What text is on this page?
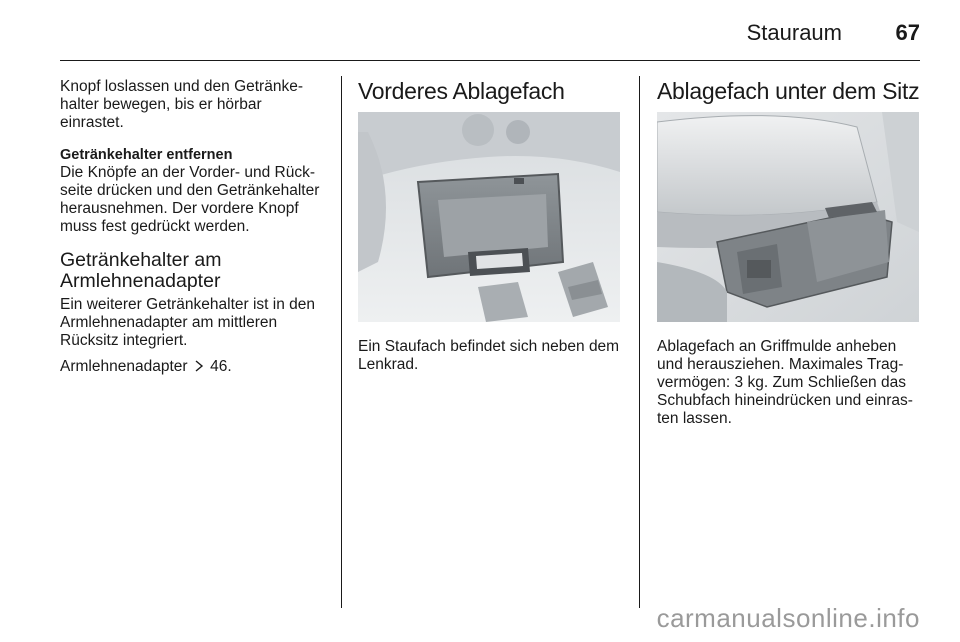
Stauraum 67

Knopf loslassen und den Getränke-halter bewegen, bis er hörbar einrastet.

Getränkehalter entfernen

Die Knöpfe an der Vorder- und Rück-seite drücken und den Getränkehalter herausnehmen. Der vordere Knopf muss fest gedrückt werden.

Getränkehalter am Armlehnenadapter

Ein weiterer Getränkehalter ist in den Armlehnenadapter am mittleren Rücksitz integriert.

Armlehnenadapter 46.

Vorderes Ablagefach

Ein Staufach befindet sich neben dem Lenkrad.

Ablagefach unter dem Sitz

Ablagefach an Griffmulde anheben und herausziehen. Maximales Trag-vermögen: 3 kg. Zum Schließen das Schubfach hineindrücken und einras-ten lassen.

carmanualsonline.info
